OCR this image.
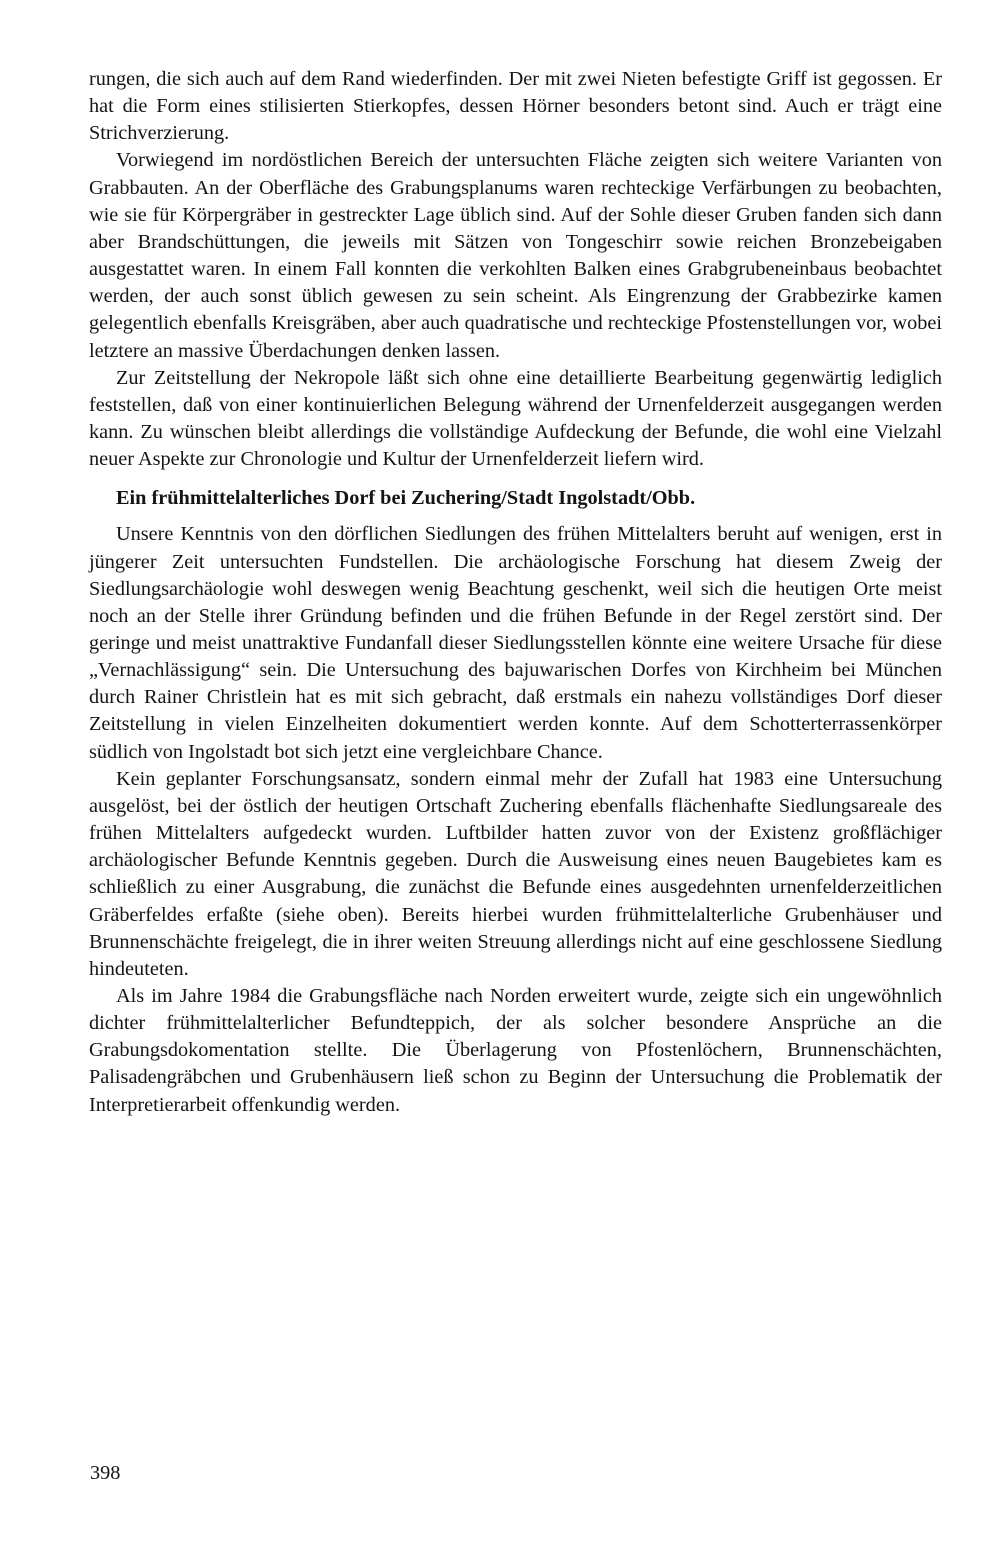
rungen, die sich auch auf dem Rand wiederfinden. Der mit zwei Nieten befestigte Griff ist gegossen. Er hat die Form eines stilisierten Stierkopfes, dessen Hörner besonders betont sind. Auch er trägt eine Strichverzierung.

Vorwiegend im nordöstlichen Bereich der untersuchten Fläche zeigten sich weitere Varianten von Grabbauten. An der Oberfläche des Grabungsplanums waren rechteckige Verfärbungen zu beobachten, wie sie für Körpergräber in gestreckter Lage üblich sind. Auf der Sohle dieser Gruben fanden sich dann aber Brandschüttungen, die jeweils mit Sätzen von Tongeschirr sowie reichen Bronzebeigaben ausgestattet waren. In einem Fall konnten die verkohlten Balken eines Grabgrubeneinbaus beobachtet werden, der auch sonst üblich gewesen zu sein scheint. Als Eingrenzung der Grabbezirke kamen gelegentlich ebenfalls Kreisgräben, aber auch quadratische und rechteckige Pfostenstellungen vor, wobei letztere an massive Überdachungen denken lassen.

Zur Zeitstellung der Nekropole läßt sich ohne eine detaillierte Bearbeitung gegenwärtig lediglich feststellen, daß von einer kontinuierlichen Belegung während der Urnenfelderzeit ausgegangen werden kann. Zu wünschen bleibt allerdings die vollständige Aufdeckung der Befunde, die wohl eine Vielzahl neuer Aspekte zur Chronologie und Kultur der Urnenfelderzeit liefern wird.

Ein frühmittelalterliches Dorf bei Zuchering/Stadt Ingolstadt/Obb.

Unsere Kenntnis von den dörflichen Siedlungen des frühen Mittelalters beruht auf wenigen, erst in jüngerer Zeit untersuchten Fundstellen. Die archäologische Forschung hat diesem Zweig der Siedlungsarchäologie wohl deswegen wenig Beachtung geschenkt, weil sich die heutigen Orte meist noch an der Stelle ihrer Gründung befinden und die frühen Befunde in der Regel zerstört sind. Der geringe und meist unattraktive Fundanfall dieser Siedlungsstellen könnte eine weitere Ursache für diese „Vernachlässigung“ sein. Die Untersuchung des bajuwarischen Dorfes von Kirchheim bei München durch Rainer Christlein hat es mit sich gebracht, daß erstmals ein nahezu vollständiges Dorf dieser Zeitstellung in vielen Einzelheiten dokumentiert werden konnte. Auf dem Schotterterrassenkörper südlich von Ingolstadt bot sich jetzt eine vergleichbare Chance.

Kein geplanter Forschungsansatz, sondern einmal mehr der Zufall hat 1983 eine Untersuchung ausgelöst, bei der östlich der heutigen Ortschaft Zuchering ebenfalls flächenhafte Siedlungsareale des frühen Mittelalters aufgedeckt wurden. Luftbilder hatten zuvor von der Existenz großflächiger archäologischer Befunde Kenntnis gegeben. Durch die Ausweisung eines neuen Baugebietes kam es schließlich zu einer Ausgrabung, die zunächst die Befunde eines ausgedehnten urnenfelderzeitlichen Gräberfeldes erfaßte (siehe oben). Bereits hierbei wurden frühmittelalterliche Grubenhäuser und Brunnenschächte freigelegt, die in ihrer weiten Streuung allerdings nicht auf eine geschlossene Siedlung hindeuteten.

Als im Jahre 1984 die Grabungsfläche nach Norden erweitert wurde, zeigte sich ein ungewöhnlich dichter frühmittelalterlicher Befundteppich, der als solcher besondere Ansprüche an die Grabungsdokomentation stellte. Die Überlagerung von Pfostenlöchern, Brunnenschächten, Palisadengräbchen und Grubenhäusern ließ schon zu Beginn der Untersuchung die Problematik der Interpretierarbeit offenkundig werden.

398
